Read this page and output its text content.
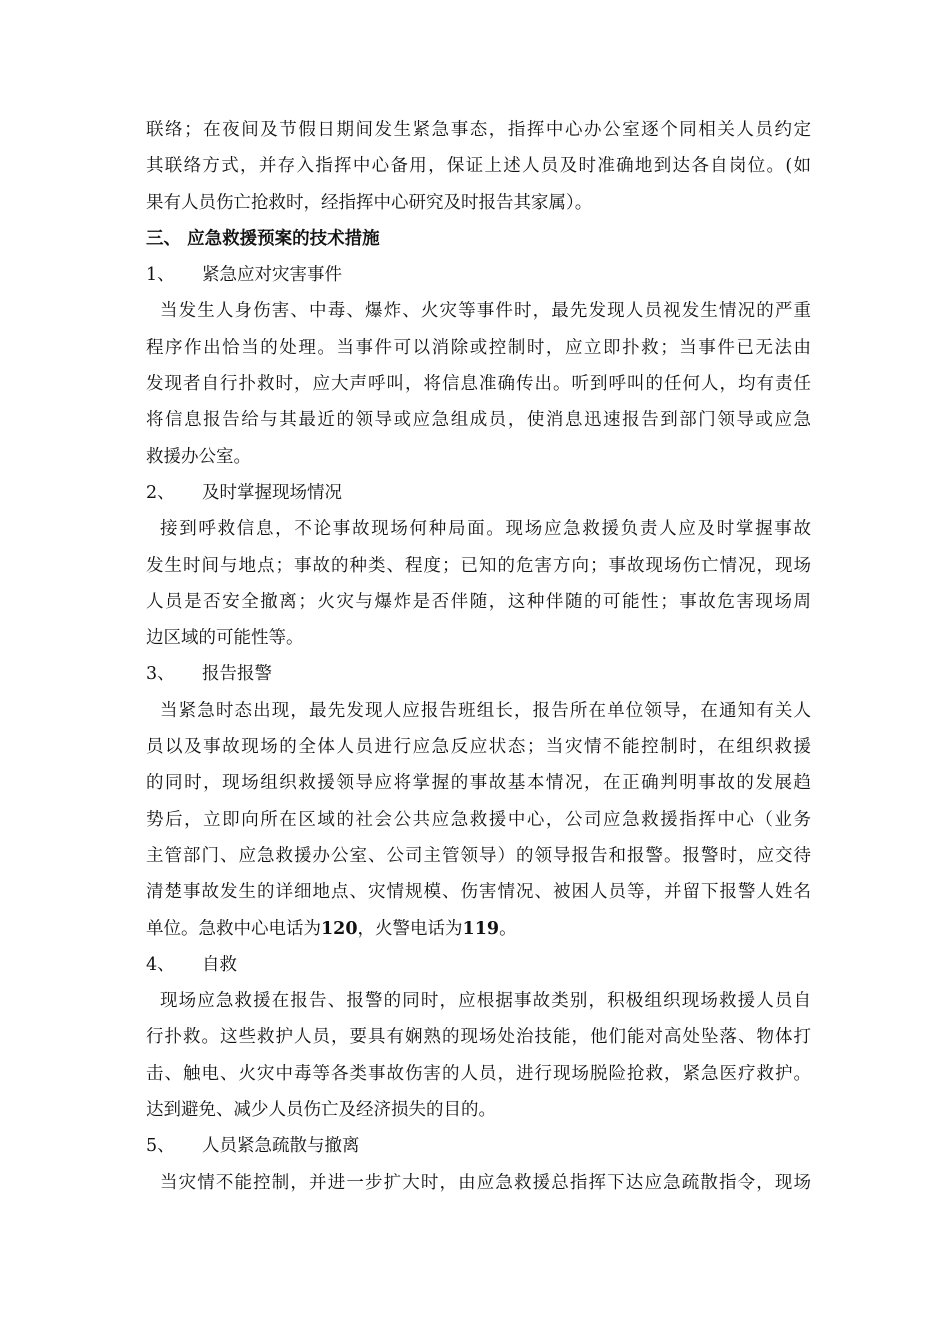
联络；在夜间及节假日期间发生紧急事态，指挥中心办公室逐个同相关人员约定

其联络方式，并存入指挥中心备用，保证上述人员及时准确地到达各自岗位。(如

果有人员伤亡抢救时，经指挥中心研究及时报告其家属）。

三、 应急救援预案的技术措施

1、	紧急应对灾害事件

当发生人身伤害、中毒、爆炸、火灾等事件时，最先发现人员视发生情况的严重

程序作出恰当的处理。当事件可以消除或控制时，应立即扑救；当事件已无法由

发现者自行扑救时，应大声呼叫，将信息准确传出。听到呼叫的任何人，均有责任

将信息报告给与其最近的领导或应急组成员，使消息迅速报告到部门领导或应急

救援办公室。

2、	及时掌握现场情况

接到呼救信息，不论事故现场何种局面。现场应急救援负责人应及时掌握事故

发生时间与地点；事故的种类、程度；已知的危害方向；事故现场伤亡情况，现场

人员是否安全撤离；火灾与爆炸是否伴随，这种伴随的可能性；事故危害现场周

边区域的可能性等。

3、	报告报警

当紧急时态出现，最先发现人应报告班组长，报告所在单位领导，在通知有关人

员以及事故现场的全体人员进行应急反应状态；当灾情不能控制时，在组织救援

的同时，现场组织救援领导应将掌握的事故基本情况，在正确判明事故的发展趋

势后，立即向所在区域的社会公共应急救援中心，公司应急救援指挥中心（业务

主管部门、应急救援办公室、公司主管领导）的领导报告和报警。报警时，应交待

清楚事故发生的详细地点、灾情规模、伤害情况、被困人员等，并留下报警人姓名

单位。急救中心电话为120，火警电话为119。

4、	自救

现场应急救援在报告、报警的同时，应根据事故类别，积极组织现场救援人员自

行扑救。这些救护人员，要具有娴熟的现场处治技能，他们能对高处坠落、物体打

击、触电、火灾中毒等各类事故伤害的人员，进行现场脱险抢救，紧急医疗救护。

达到避免、减少人员伤亡及经济损失的目的。

5、	人员紧急疏散与撤离

当灾情不能控制，并进一步扩大时，由应急救援总指挥下达应急疏散指令，现场
